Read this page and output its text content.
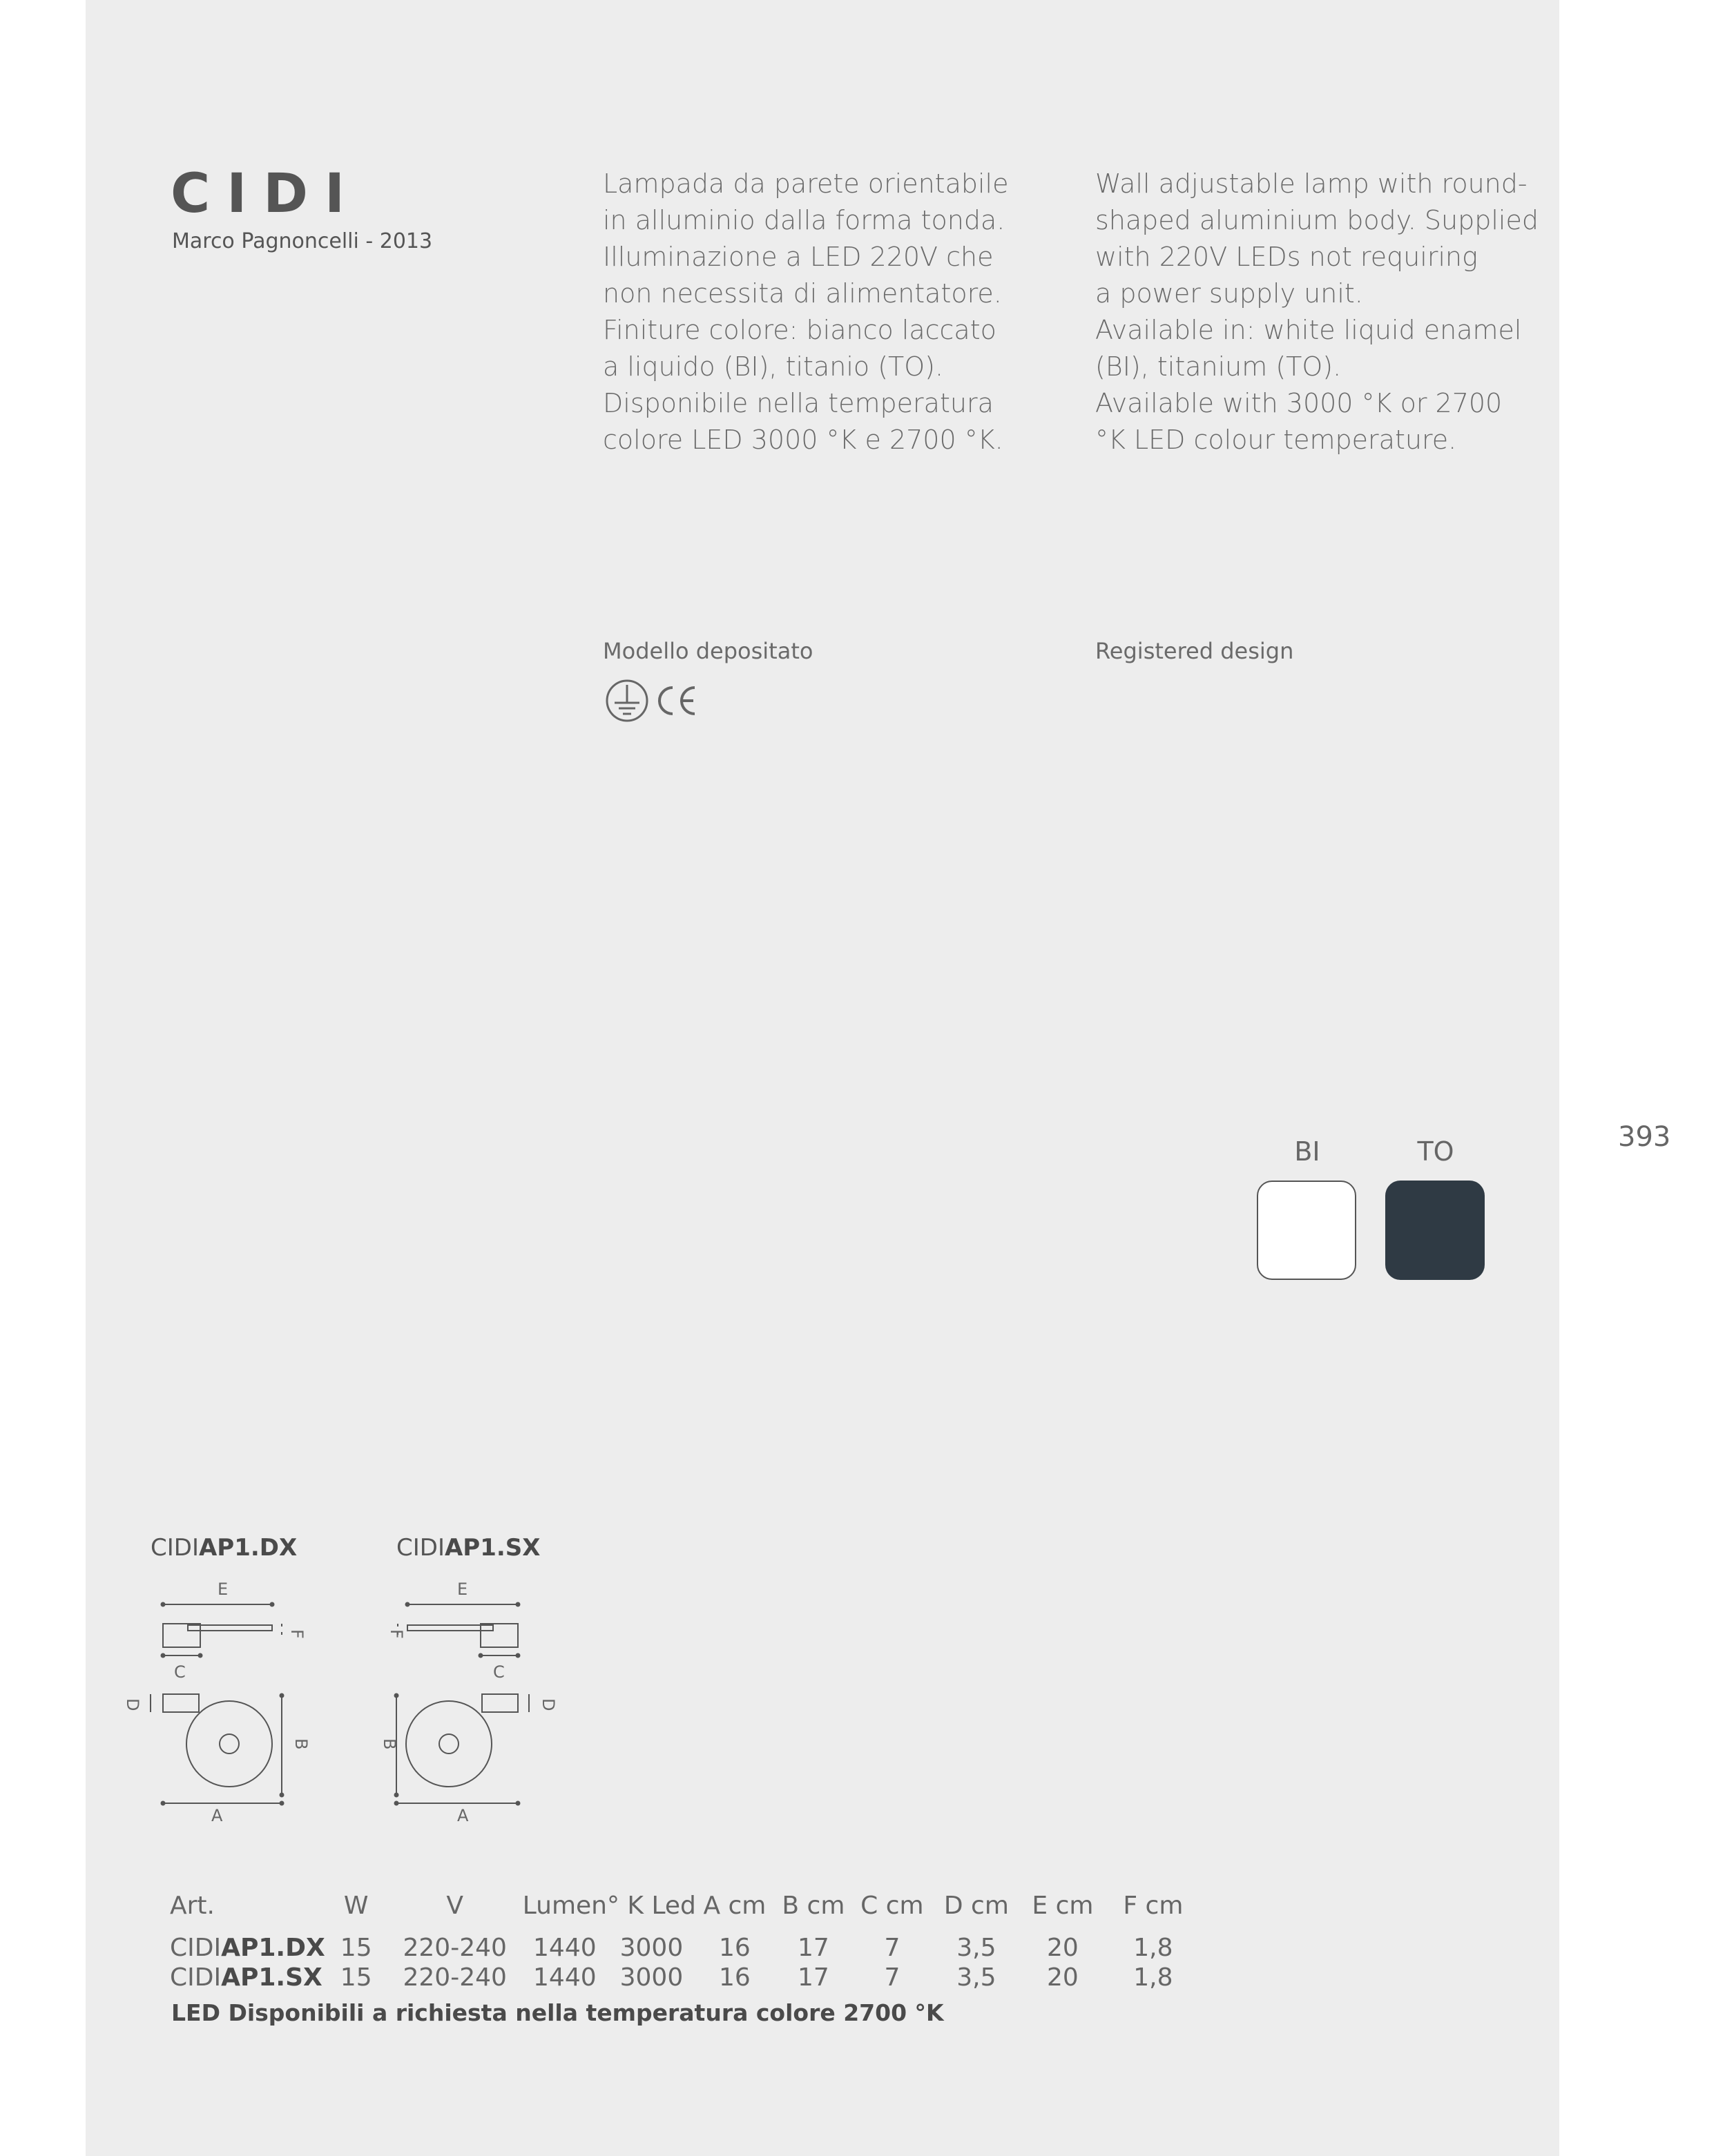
CIDI
Marco Pagnoncelli - 2013

Lampada da parete orientabile

in alluminio dalla forma tonda.

Illuminazione a LED 220V che

non necessita di alimentatore.

Finiture colore: bianco laccato

a liquido (BI), titanio (TO).

Disponibile nella temperatura

colore LED 3000 °K e 2700 °K.

Wall adjustable lamp with round-

shaped aluminium body. Supplied

with 220V LEDs not requiring

a power supply unit.

Available in: white liquid enamel

(BI), titanium (TO).

Available with 3000 °K or 2700

°K LED colour temperature.

Modello depositato	Registered design
393
BI	TO
CIDIAP1.DX	CIDIAP1.SX
E
F
C
D
B
A
E
F
C
D
B
A
Art.	W	V	Lumen	° K Led	A cm	B cm	C cm	D cm	E cm	F cm
CIDIAP1.DX	15	220-240	1440	3000	16	17	7	3,5	20	1,8
CIDIAP1.SX	15	220-240	1440	3000	16	17	7	3,5	20	1,8
LED Disponibili a richiesta nella temperatura colore 2700 °K
